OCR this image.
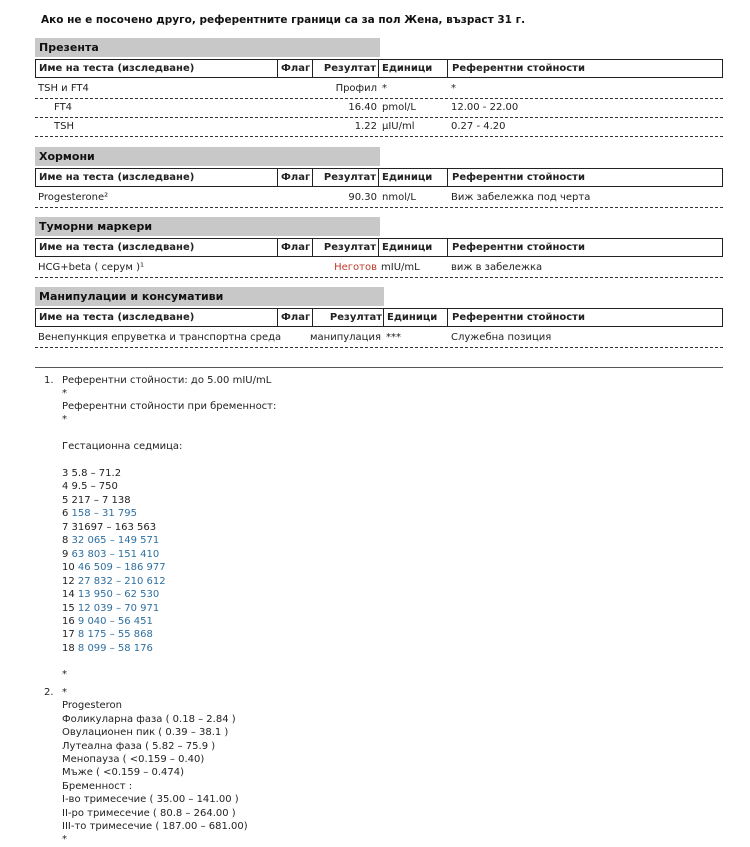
Ако не е посочено друго, референтните граници са за пол Жена, възраст 31 г.
Презента
Име на теста (изследване)	Флаг Резултат Единици Референтни стойности
TSH и FT4	Профил *	*
FT4	16.40 pmol/L	12.00 - 22.00
TSH	1.22 µIU/ml	0.27 - 4.20
Хормони
Име на теста (изследване)	Флаг Резултат Единици Референтни стойности
Progesterone²	90.30 nmol/L	Виж забележка под черта
Туморни маркери
Име на теста (изследване)	Флаг Резултат Единици Референтни стойности
HCG+beta ( серум )¹	Неготов mIU/mL	виж в забележка
Манипулации и консумативи
Име на теста (изследване)	Флаг Резултат Единици Референтни стойности
Венепункция епруветка и транспортна среда	манипулация ***	Служебна позиция
1. Референтни стойности: до 5.00 mIU/mL
*
Референтни стойности при бременност:
*
Гестационна седмица:
3 5.8 – 71.2
4 9.5 – 750
5 217 – 7 138
6 158 – 31 795
7 31697 – 163 563
8 32 065 – 149 571
9 63 803 – 151 410
10 46 509 – 186 977
12 27 832 – 210 612
14 13 950 – 62 530
15 12 039 – 70 971
16 9 040 – 56 451
17 8 175 – 55 868
18 8 099 – 58 176
*
2. *
Progesteron
Фоликуларна фаза ( 0.18 – 2.84 )
Овулационен пик ( 0.39 – 38.1 )
Лутеална фаза ( 5.82 – 75.9 )
Менопауза ( <0.159 – 0.40)
Мъже ( <0.159 – 0.474)
Бременност :
I-во тримесечие ( 35.00 – 141.00 )
II-ро тримесечие ( 80.8 – 264.00 )
III-то тримесечие ( 187.00 – 681.00)
*
